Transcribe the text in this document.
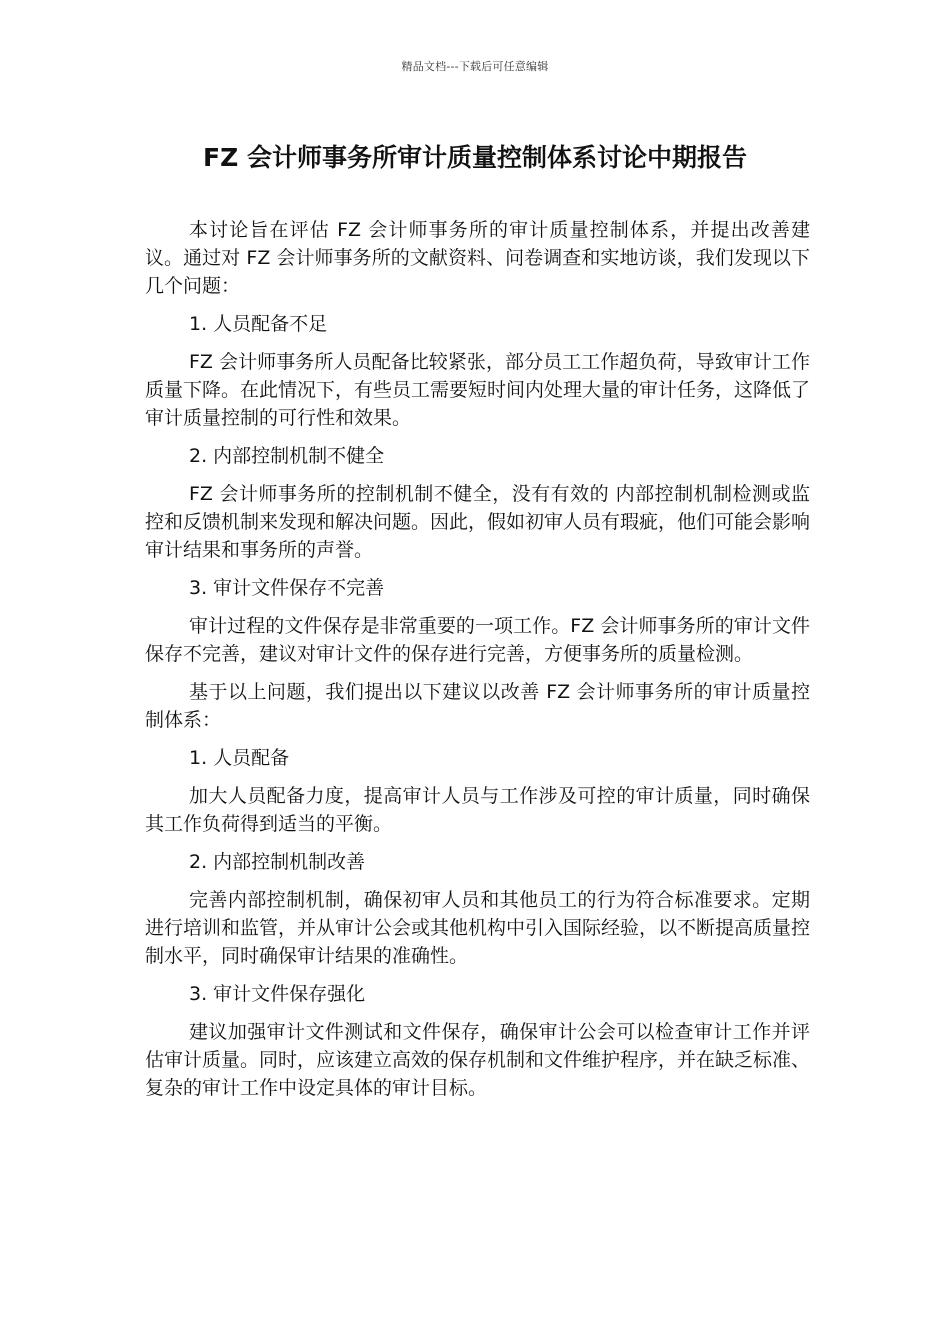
精品文档---下载后可任意编辑
FZ 会计师事务所审计质量控制体系讨论中期报告

本讨论旨在评估 FZ 会计师事务所的审计质量控制体系，并提出改善建议。通过对 FZ 会计师事务所的文献资料、问卷调查和实地访谈，我们发现以下几个问题：

1. 人员配备不足

FZ 会计师事务所人员配备比较紧张，部分员工工作超负荷，导致审计工作质量下降。在此情况下，有些员工需要短时间内处理大量的审计任务，这降低了审计质量控制的可行性和效果。

2. 内部控制机制不健全

FZ 会计师事务所的控制机制不健全，没有有效的 内部控制机制检测或监控和反馈机制来发现和解决问题。因此，假如初审人员有瑕疵，他们可能会影响审计结果和事务所的声誉。

3. 审计文件保存不完善

审计过程的文件保存是非常重要的一项工作。FZ 会计师事务所的审计文件保存不完善，建议对审计文件的保存进行完善，方便事务所的质量检测。

基于以上问题，我们提出以下建议以改善 FZ 会计师事务所的审计质量控制体系：

1. 人员配备

加大人员配备力度，提高审计人员与工作涉及可控的审计质量，同时确保其工作负荷得到适当的平衡。

2. 内部控制机制改善

完善内部控制机制，确保初审人员和其他员工的行为符合标准要求。定期进行培训和监管，并从审计公会或其他机构中引入国际经验，以不断提高质量控制水平，同时确保审计结果的准确性。

3. 审计文件保存强化

建议加强审计文件测试和文件保存，确保审计公会可以检查审计工作并评估审计质量。同时，应该建立高效的保存机制和文件维护程序，并在缺乏标准、复杂的审计工作中设定具体的审计目标。
